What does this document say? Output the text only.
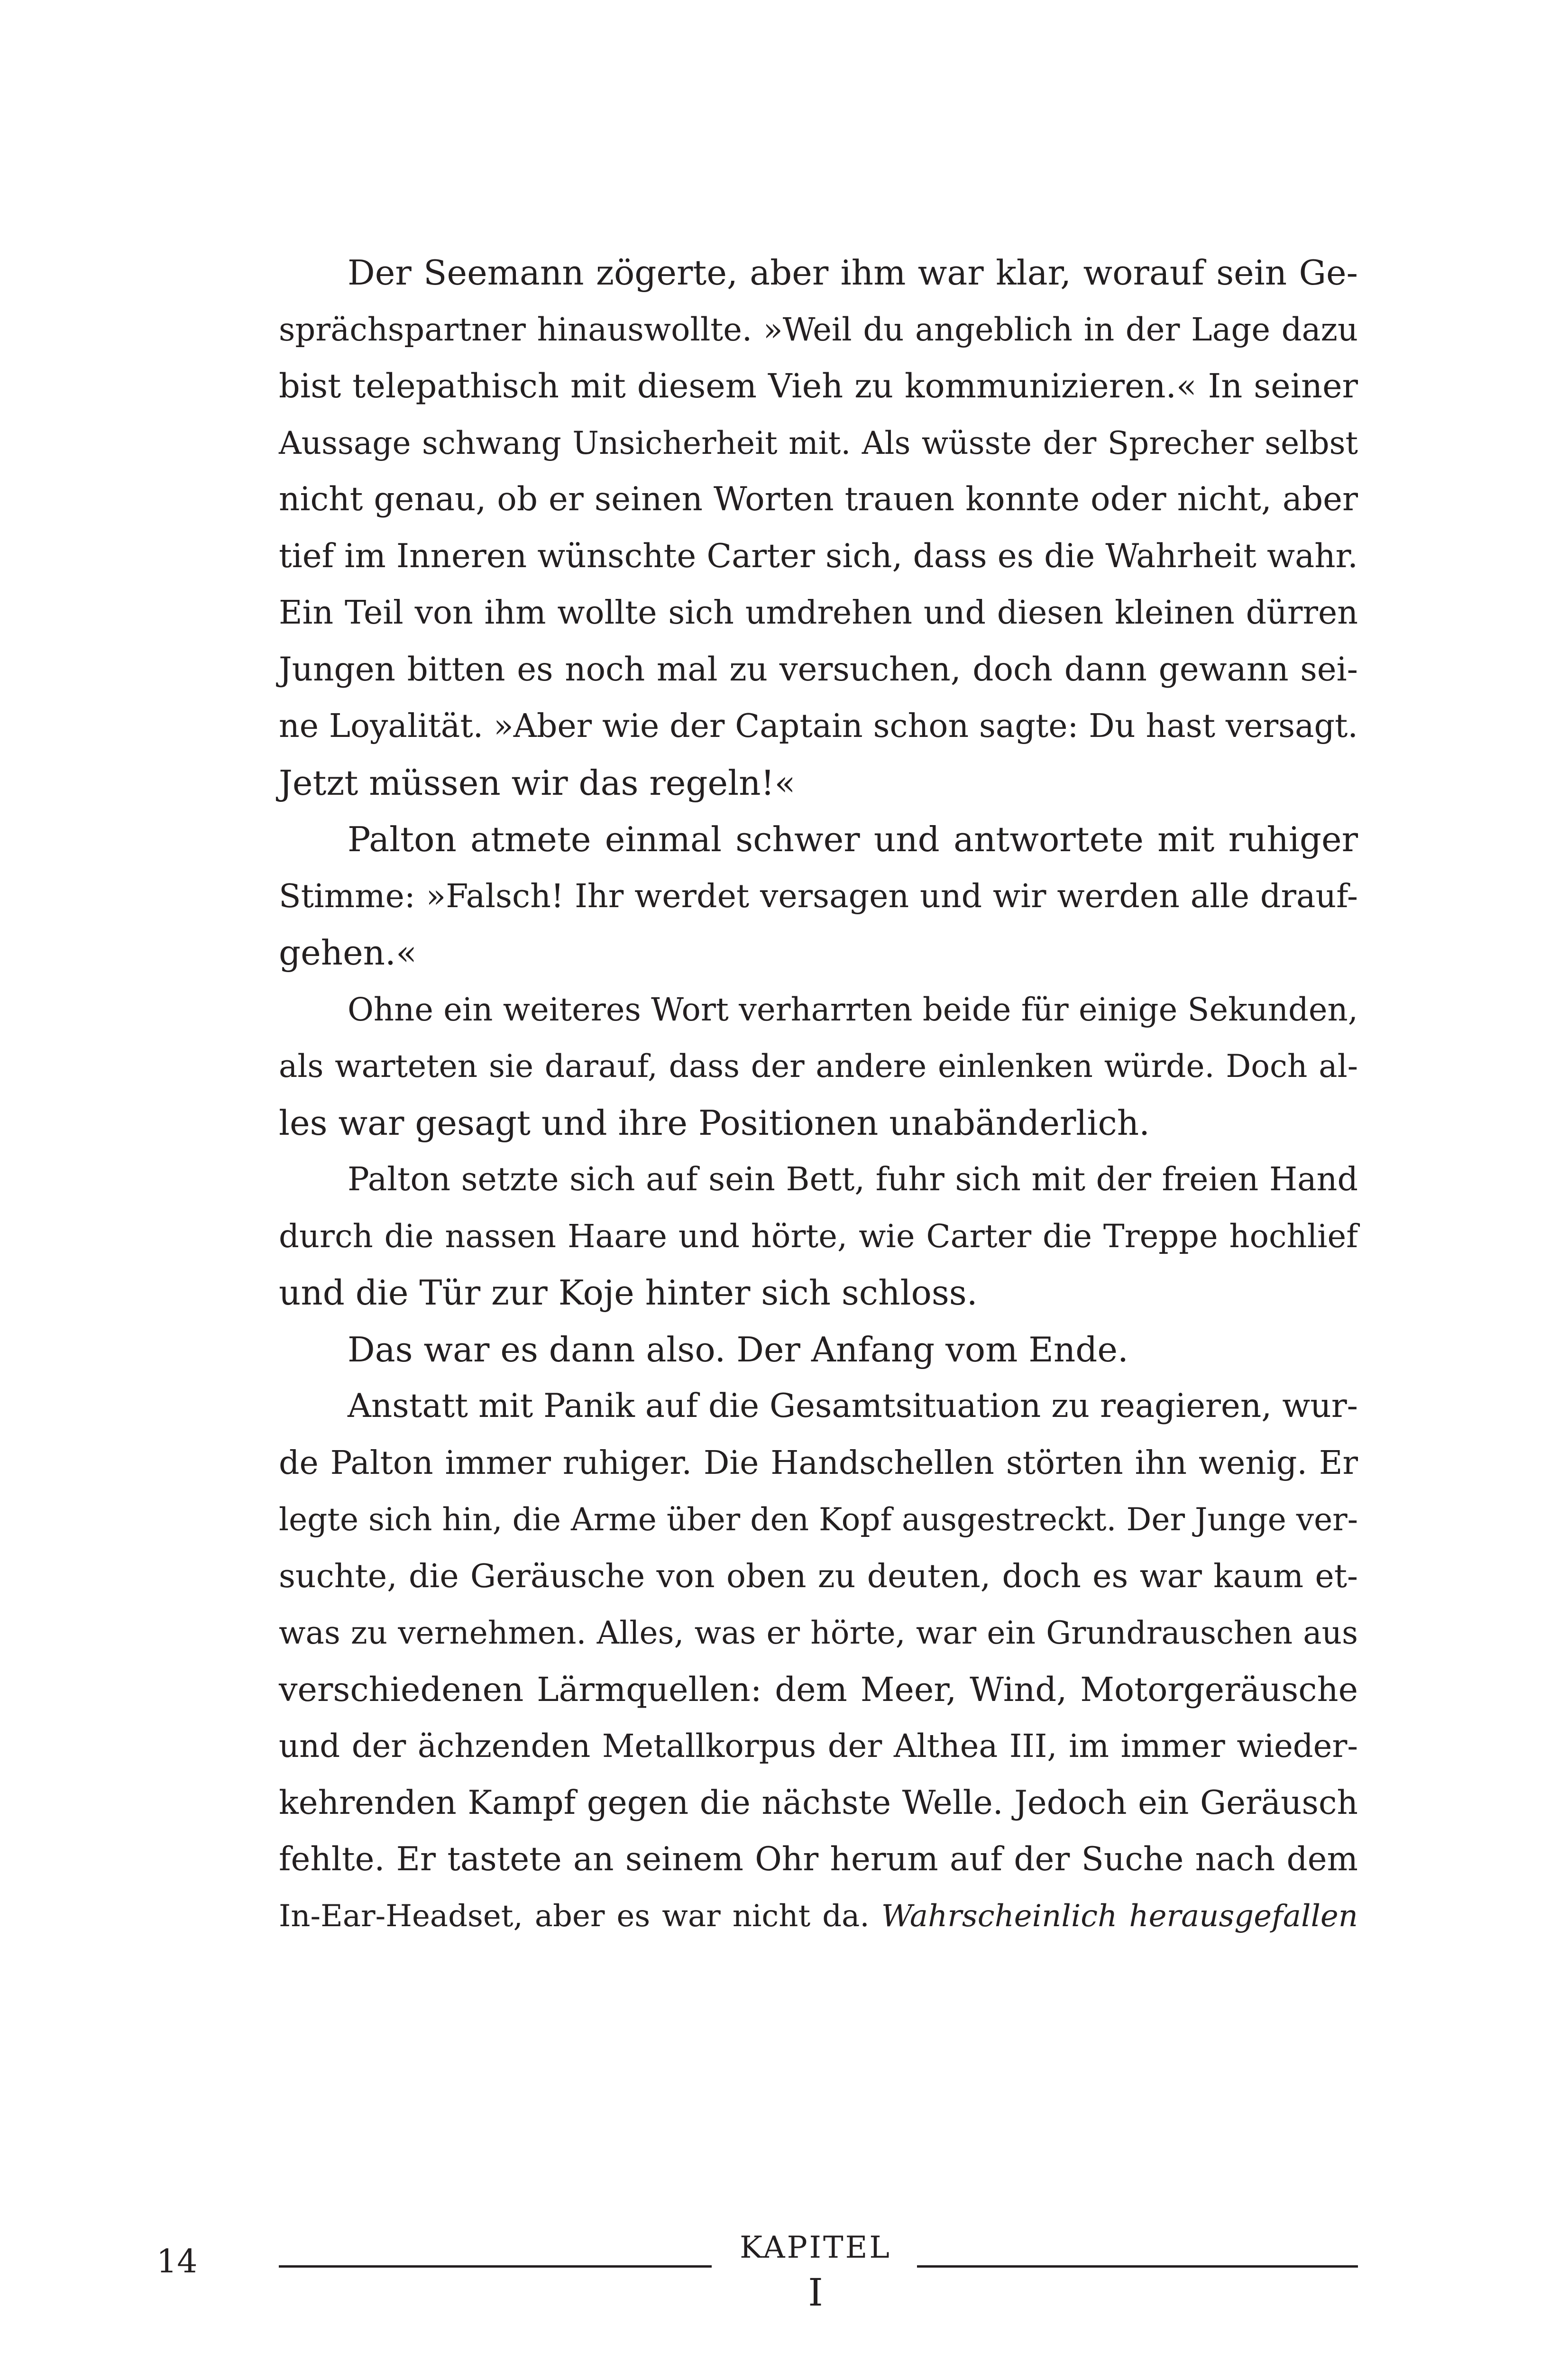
Der Seemann zögerte, aber ihm war klar, worauf sein Ge-
sprächspartner hinauswollte. »Weil du angeblich in der Lage dazu
bist telepathisch mit diesem Vieh zu kommunizieren.« In seiner
Aussage schwang Unsicherheit mit. Als wüsste der Sprecher selbst
nicht genau, ob er seinen Worten trauen konnte oder nicht, aber
tief im Inneren wünschte Carter sich, dass es die Wahrheit wahr.
Ein Teil von ihm wollte sich umdrehen und diesen kleinen dürren
Jungen bitten es noch mal zu versuchen, doch dann gewann sei-
ne Loyalität. »Aber wie der Captain schon sagte: Du hast versagt.
Jetzt müssen wir das regeln!«
Palton atmete einmal schwer und antwortete mit ruhiger
Stimme: »Falsch! Ihr werdet versagen und wir werden alle drauf-
gehen.«
Ohne ein weiteres Wort verharrten beide für einige Sekunden,
als warteten sie darauf, dass der andere einlenken würde. Doch al-
les war gesagt und ihre Positionen unabänderlich.
Palton setzte sich auf sein Bett, fuhr sich mit der freien Hand
durch die nassen Haare und hörte, wie Carter die Treppe hochlief
und die Tür zur Koje hinter sich schloss.
Das war es dann also. Der Anfang vom Ende.
Anstatt mit Panik auf die Gesamtsituation zu reagieren, wur-
de Palton immer ruhiger. Die Handschellen störten ihn wenig. Er
legte sich hin, die Arme über den Kopf ausgestreckt. Der Junge ver-
suchte, die Geräusche von oben zu deuten, doch es war kaum et-
was zu vernehmen. Alles, was er hörte, war ein Grundrauschen aus
verschiedenen Lärmquellen: dem Meer, Wind, Motorgeräusche
und der ächzenden Metallkorpus der Althea III, im immer wieder-
kehrenden Kampf gegen die nächste Welle. Jedoch ein Geräusch
fehlte. Er tastete an seinem Ohr herum auf der Suche nach dem
In-Ear-Headset, aber es war nicht da. Wahrscheinlich herausgefallen
14	KAPITEL
I
